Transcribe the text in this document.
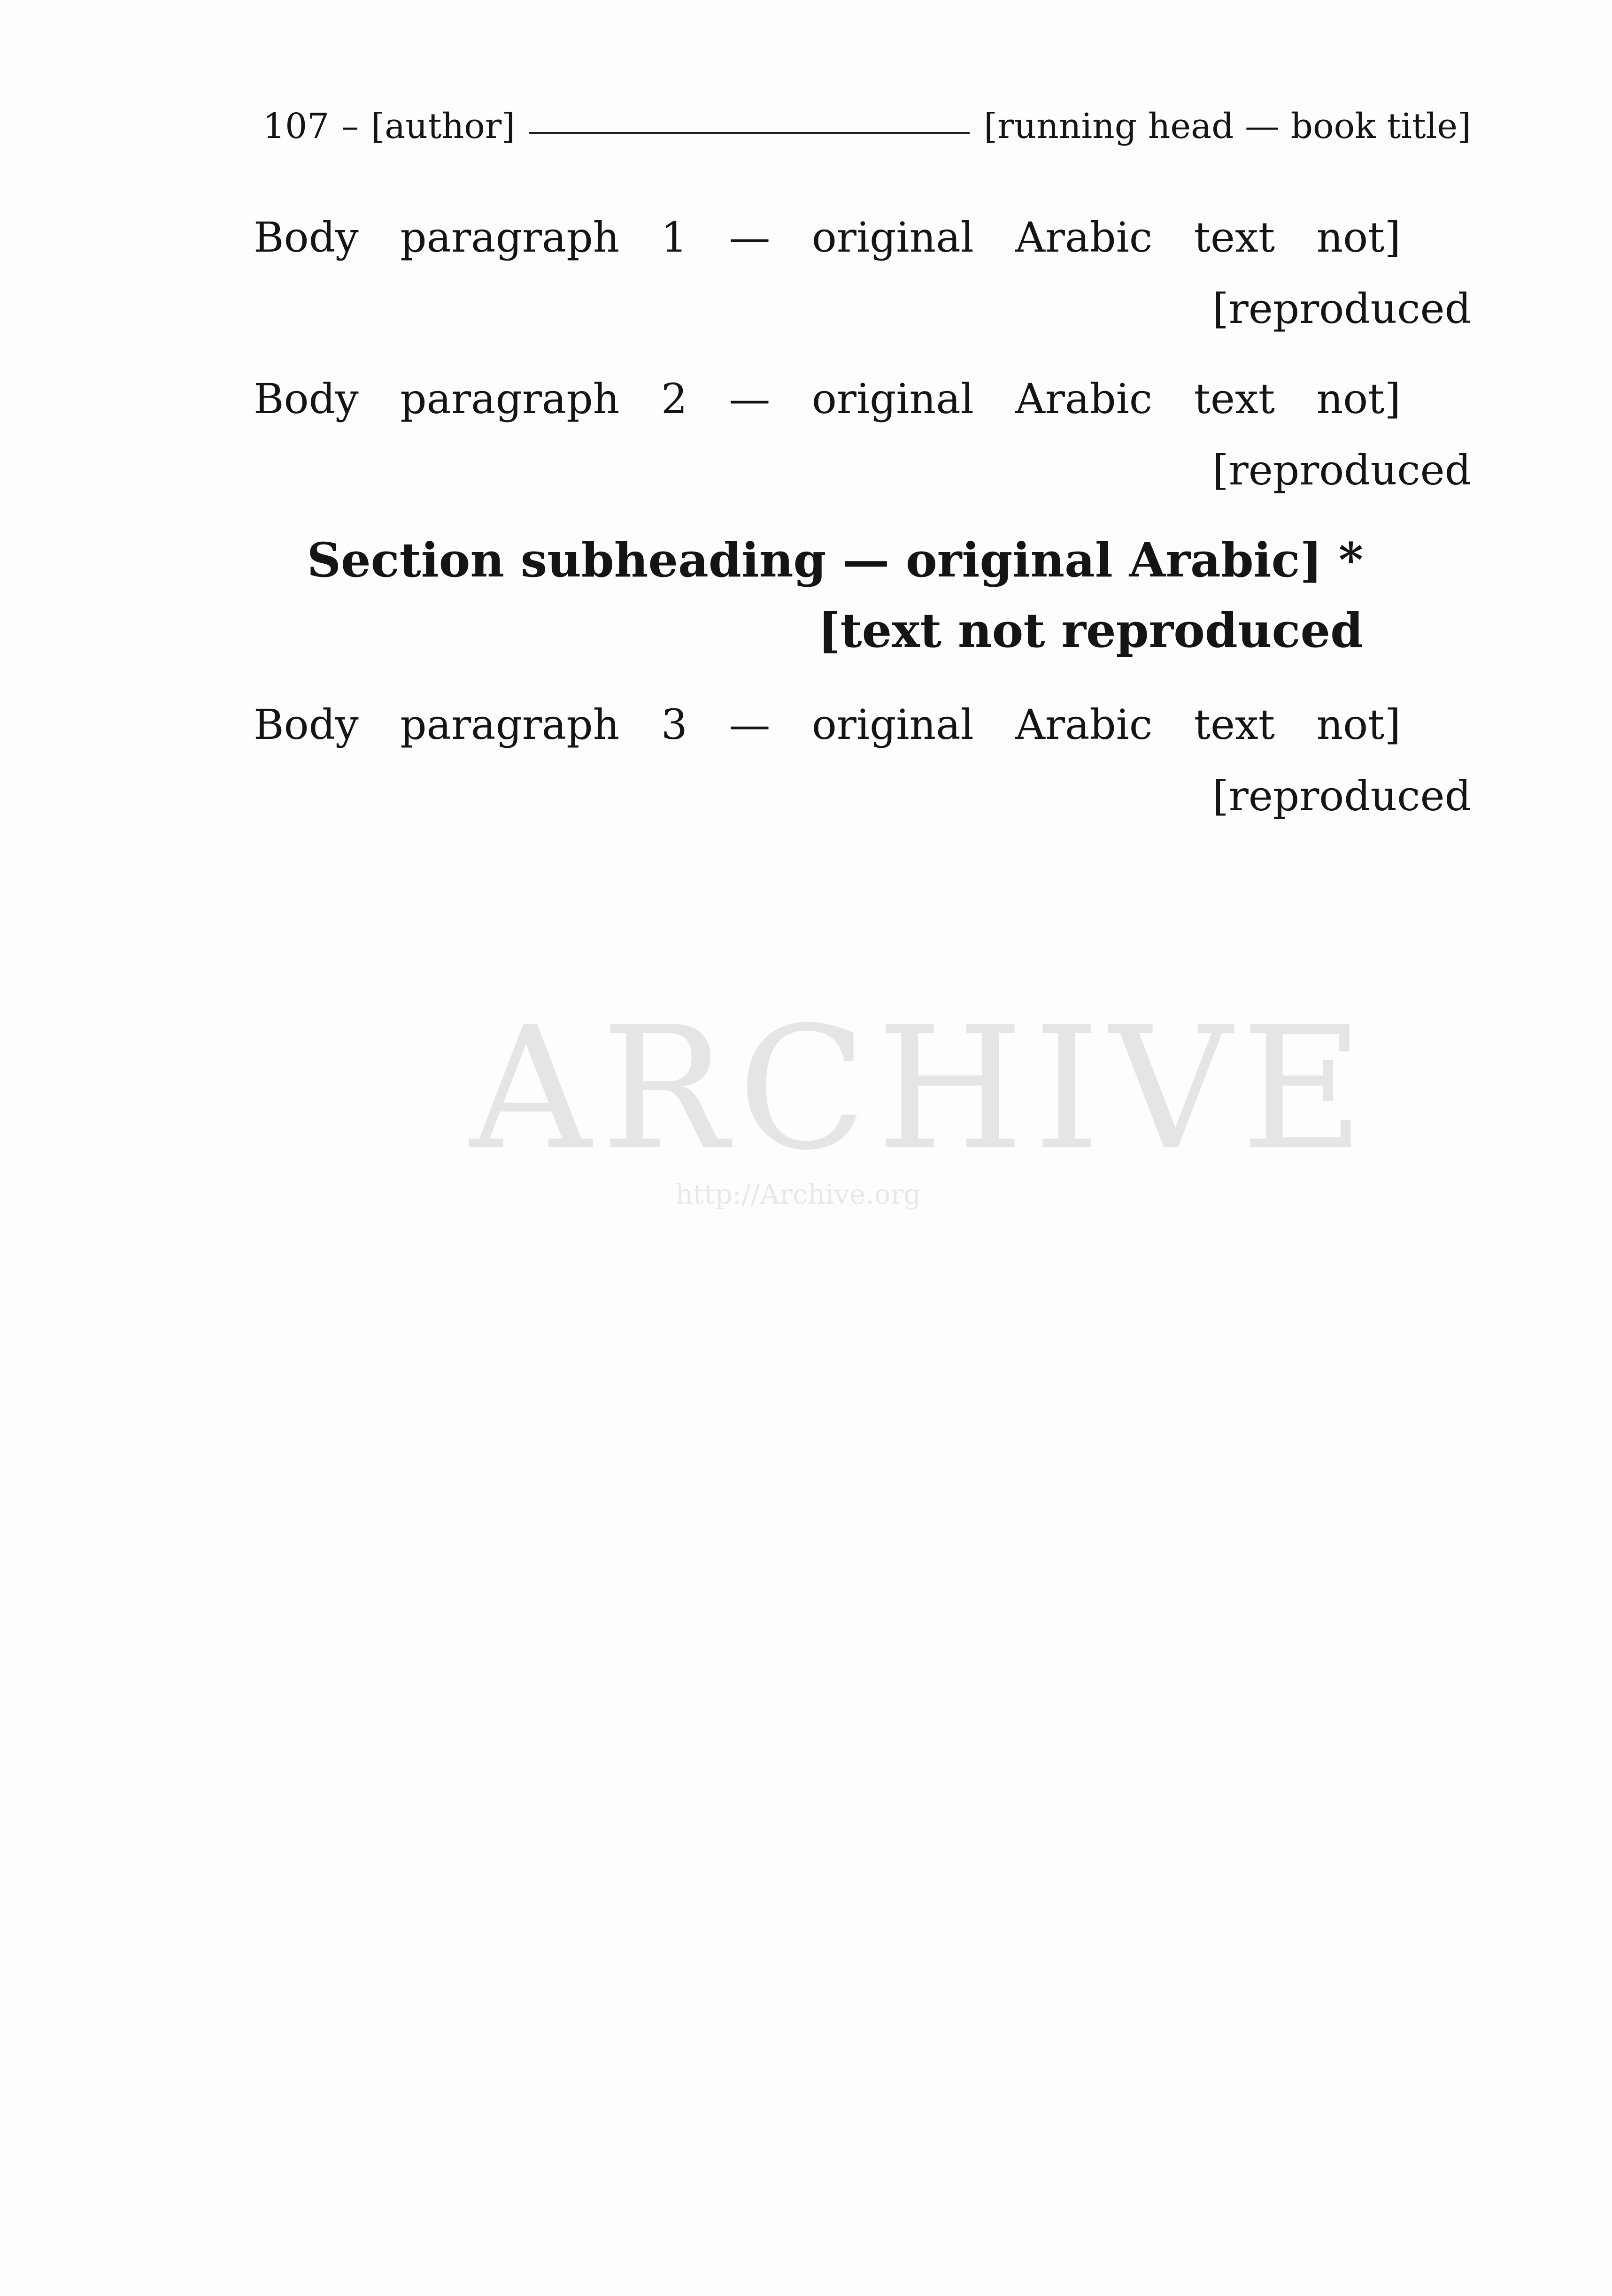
[running head — book title]
[author]
–
107
ARCHIVE
http://Archive.org

[Body paragraph 1 — original Arabic text not reproduced]

[Body paragraph 2 — original Arabic text not reproduced]

* [Section subheading — original Arabic text not reproduced]

[Body paragraph 3 — original Arabic text not reproduced]
